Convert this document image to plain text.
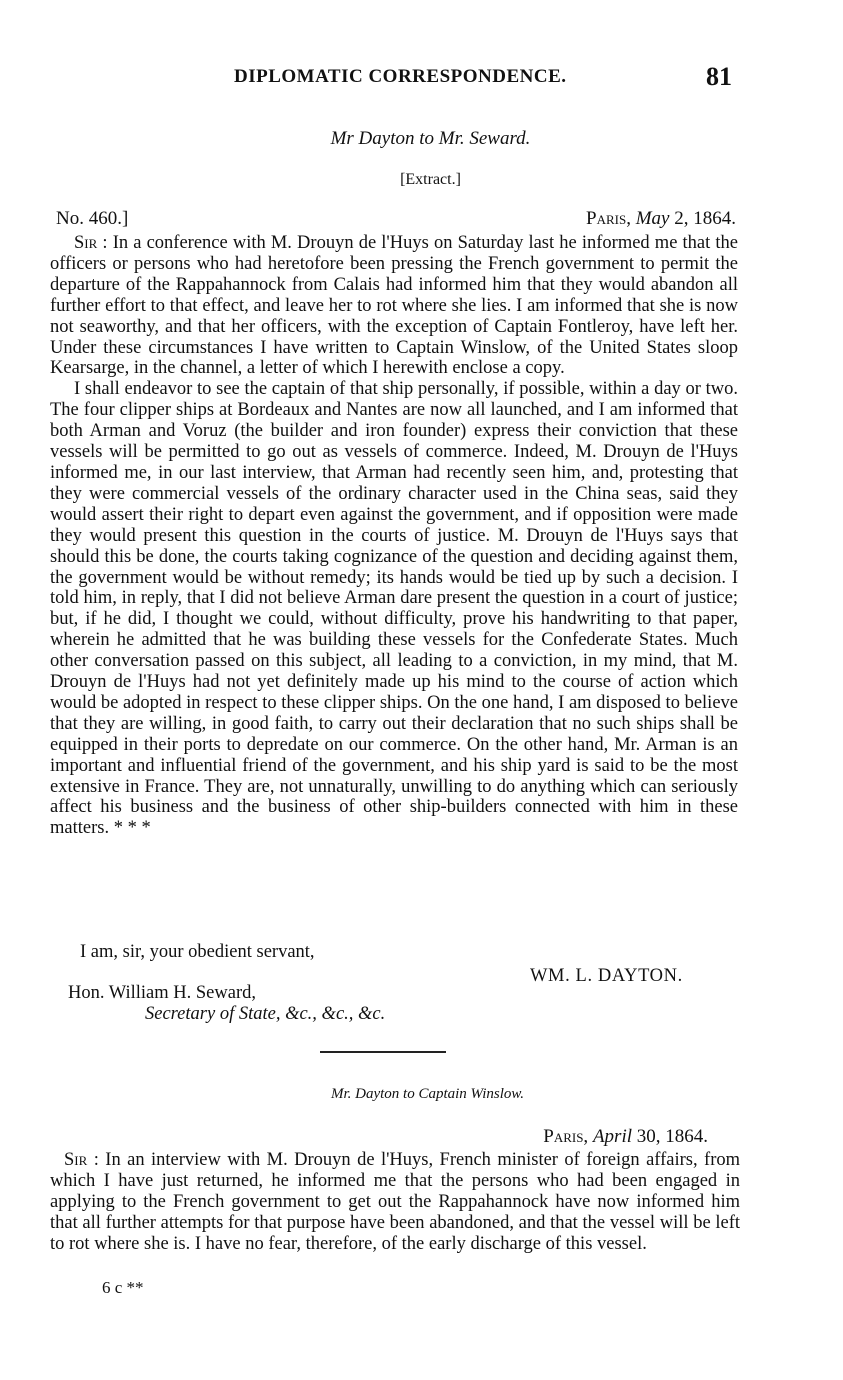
DIPLOMATIC CORRESPONDENCE.	81
Mr Dayton to Mr. Seward.
[Extract.]
No. 460.]	Paris, May 2, 1864.

Sir : In a conference with M. Drouyn de l'Huys on Saturday last he informed me that the officers or persons who had heretofore been pressing the French government to permit the departure of the Rappahannock from Calais had informed him that they would abandon all further effort to that effect, and leave her to rot where she lies. I am informed that she is now not seaworthy, and that her officers, with the exception of Captain Fontleroy, have left her. Under these circumstances I have written to Captain Winslow, of the United States sloop Kearsarge, in the channel, a letter of which I herewith enclose a copy.

I shall endeavor to see the captain of that ship personally, if possible, within a day or two. The four clipper ships at Bordeaux and Nantes are now all launched, and I am informed that both Arman and Voruz (the builder and iron founder) express their conviction that these vessels will be permitted to go out as vessels of commerce. Indeed, M. Drouyn de l'Huys informed me, in our last interview, that Arman had recently seen him, and, protesting that they were commercial vessels of the ordinary character used in the China seas, said they would assert their right to depart even against the government, and if opposition were made they would present this question in the courts of justice. M. Drouyn de l'Huys says that should this be done, the courts taking cognizance of the question and deciding against them, the government would be without remedy; its hands would be tied up by such a decision. I told him, in reply, that I did not believe Arman dare present the question in a court of justice; but, if he did, I thought we could, without difficulty, prove his handwriting to that paper, wherein he admitted that he was building these vessels for the Confederate States. Much other conversation passed on this subject, all leading to a conviction, in my mind, that M. Drouyn de l'Huys had not yet definitely made up his mind to the course of action which would be adopted in respect to these clipper ships. On the one hand, I am disposed to believe that they are willing, in good faith, to carry out their declaration that no such ships shall be equipped in their ports to depredate on our commerce. On the other hand, Mr. Arman is an important and influential friend of the government, and his ship yard is said to be the most extensive in France. They are, not unnaturally, unwilling to do anything which can seriously affect his business and the business of other ship-builders connected with him in these matters. * * *

I am, sir, your obedient servant,
WM. L. DAYTON.
Hon. William H. Seward,
Secretary of State, &c., &c., &c.
Mr. Dayton to Captain Winslow.
Paris, April 30, 1864.

Sir : In an interview with M. Drouyn de l'Huys, French minister of foreign affairs, from which I have just returned, he informed me that the persons who had been engaged in applying to the French government to get out the Rappahannock have now informed him that all further attempts for that purpose have been abandoned, and that the vessel will be left to rot where she is. I have no fear, therefore, of the early discharge of this vessel.

6 c **
